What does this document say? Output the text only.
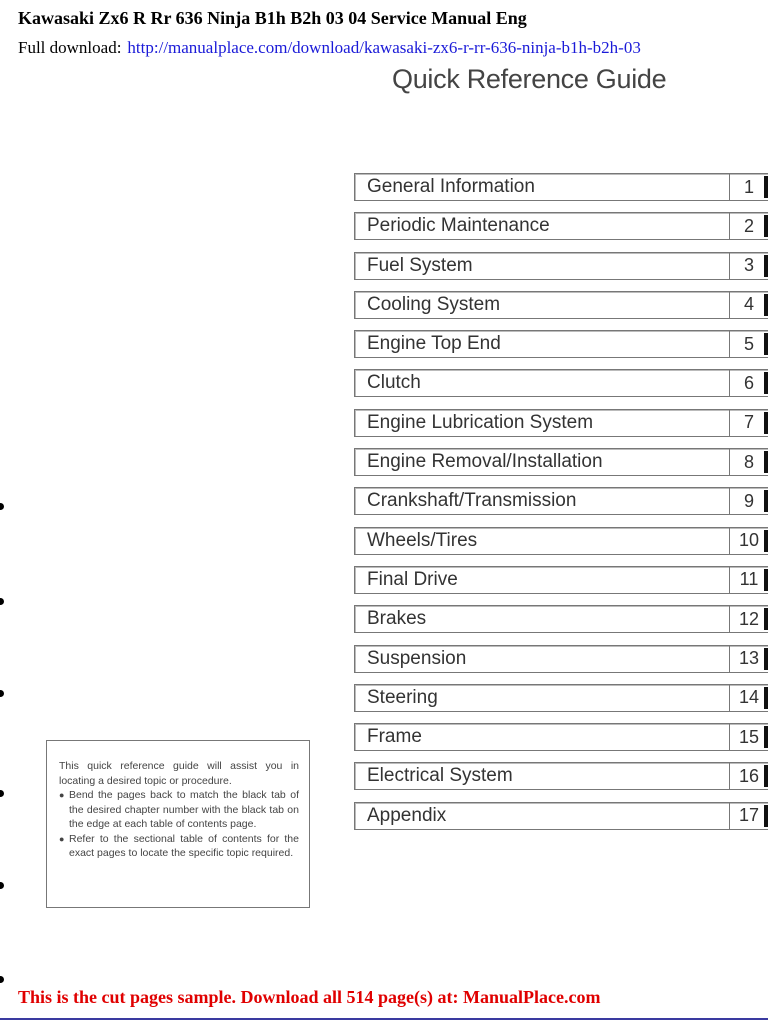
Kawasaki Zx6 R Rr 636 Ninja B1h B2h 03 04 Service Manual Eng
Full download: http://manualplace.com/download/kawasaki-zx6-r-rr-636-ninja-b1h-b2h-03
Quick Reference Guide
General Information	1
Periodic Maintenance	2
Fuel System	3
Cooling System	4
Engine Top End	5
Clutch	6
Engine Lubrication System	7
Engine Removal/Installation	8
Crankshaft/Transmission	9
Wheels/Tires	10
Final Drive	11
Brakes	12
Suspension	13
Steering	14
Frame	15
Electrical System	16
Appendix	17

This quick reference guide will assist you in locating a desired topic or procedure.

● Bend the pages back to match the black tab of the desired chapter number with the black tab on the edge at each table of contents page.

● Refer to the sectional table of contents for the exact pages to locate the specific topic required.

This is the cut pages sample. Download all 514 page(s) at: ManualPlace.com
